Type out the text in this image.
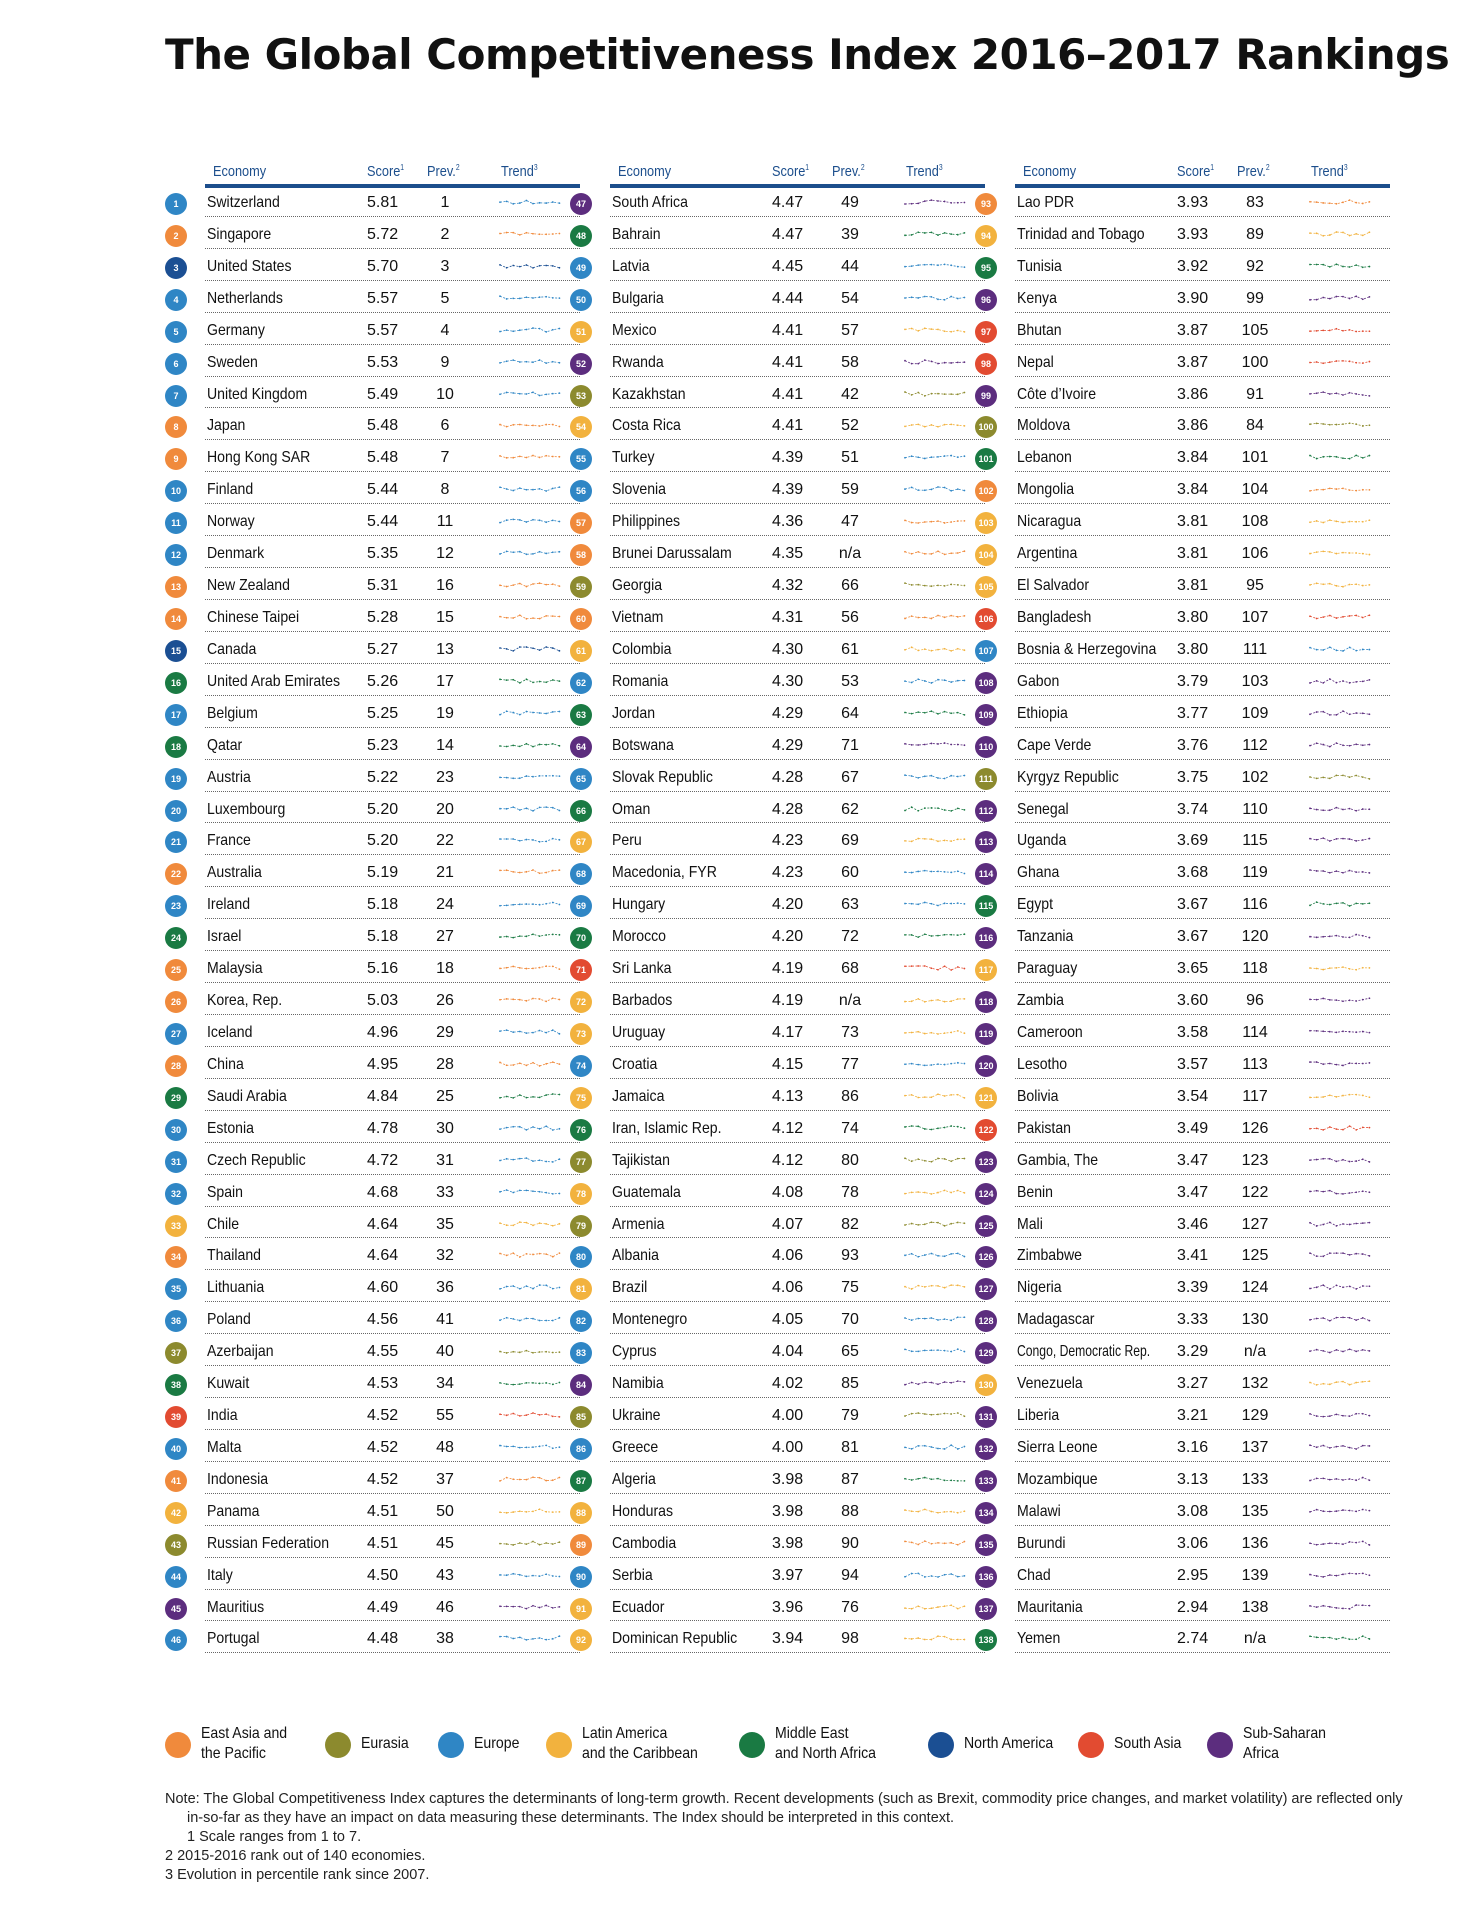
The Global Competitiveness Index 2016–2017 Rankings
Economy	Score$^1$ Prev.$^2$	Trend$^3$
1	Switzerland	5.81	1
2	Singapore	5.72	2
3	United States	5.70	3
4	Netherlands	5.57	5
5	Germany	5.57	4
6	Sweden	5.53	9
7	United Kingdom	5.49	10
8	Japan	5.48	6
9	Hong Kong SAR	5.48	7
10	Finland	5.44	8
11	Norway	5.44	11
12	Denmark	5.35	12
13	New Zealand	5.31	16
14	Chinese Taipei	5.28	15
15	Canada	5.27	13
16	United Arab Emirates 5.26	17
17	Belgium	5.25	19
18	Qatar	5.23	14
19	Austria	5.22	23
20	Luxembourg	5.20	20
21	France	5.20	22
22	Australia	5.19	21
23	Ireland	5.18	24
24	Israel	5.18	27
25	Malaysia	5.16	18
26	Korea, Rep.	5.03	26
27	Iceland	4.96	29
28	China	4.95	28
29	Saudi Arabia	4.84	25
30	Estonia	4.78	30
31	Czech Republic	4.72	31
32	Spain	4.68	33
33	Chile	4.64	35
34	Thailand	4.64	32
35	Lithuania	4.60	36
36	Poland	4.56	41
37	Azerbaijan	4.55	40
38	Kuwait	4.53	34
39	India	4.52	55
40	Malta	4.52	48
41	Indonesia	4.52	37
42	Panama	4.51	50
43	Russian Federation 4.51	45
44	Italy	4.50	43
45	Mauritius	4.49	46
46	Portugal	4.48	38
Economy	Score$^1$ Prev.$^2$	Trend$^3$
47	South Africa	4.47	49
48	Bahrain	4.47	39
49	Latvia	4.45	44
50	Bulgaria	4.44	54
51	Mexico	4.41	57
52	Rwanda	4.41	58
53	Kazakhstan	4.41	42
54	Costa Rica	4.41	52
55	Turkey	4.39	51
56	Slovenia	4.39	59
57	Philippines	4.36	47
58	Brunei Darussalam	4.35	n/a
59	Georgia	4.32	66
60	Vietnam	4.31	56
61	Colombia	4.30	61
62	Romania	4.30	53
63	Jordan	4.29	64
64	Botswana	4.29	71
65	Slovak Republic	4.28	67
66	Oman	4.28	62
67	Peru	4.23	69
68	Macedonia, FYR	4.23	60
69	Hungary	4.20	63
70	Morocco	4.20	72
71	Sri Lanka	4.19	68
72	Barbados	4.19	n/a
73	Uruguay	4.17	73
74	Croatia	4.15	77
75	Jamaica	4.13	86
76	Iran, Islamic Rep.	4.12	74
77	Tajikistan	4.12	80
78	Guatemala	4.08	78
79	Armenia	4.07	82
80	Albania	4.06	93
81	Brazil	4.06	75
82	Montenegro	4.05	70
83	Cyprus	4.04	65
84	Namibia	4.02	85
85	Ukraine	4.00	79
86	Greece	4.00	81
87	Algeria	3.98	87
88	Honduras	3.98	88
89	Cambodia	3.98	90
90	Serbia	3.97	94
91	Ecuador	3.96	76
92	Dominican Republic 3.94	98
Economy	Score$^1$ Prev.$^2$	Trend$^3$
93	Lao PDR	3.93	83
94	Trinidad and Tobago 3.93	89
95	Tunisia	3.92	92
96	Kenya	3.90	99
97	Bhutan	3.87	105
98	Nepal	3.87	100
99	Côte d’Ivoire	3.86	91
100 Moldova	3.86	84
101 Lebanon	3.84	101
102 Mongolia	3.84	104
103 Nicaragua	3.81	108
104 Argentina	3.81	106
105 El Salvador	3.81	95
106 Bangladesh	3.80	107
107 Bosnia & Herzegovina 3.80	111
108 Gabon	3.79	103
109 Ethiopia	3.77	109
110 Cape Verde	3.76	112
111 Kyrgyz Republic	3.75	102
112 Senegal	3.74	110
113 Uganda	3.69	115
114 Ghana	3.68	119
115 Egypt	3.67	116
116 Tanzania	3.67	120
117 Paraguay	3.65	118
118 Zambia	3.60	96
119 Cameroon	3.58	114
120 Lesotho	3.57	113
121 Bolivia	3.54	117
122 Pakistan	3.49	126
123 Gambia, The	3.47	123
124 Benin	3.47	122
125 Mali	3.46	127
126 Zimbabwe	3.41	125
127 Nigeria	3.39	124
128 Madagascar	3.33	130
129 Congo, Democratic Rep. 3.29	n/a
130 Venezuela	3.27	132
131 Liberia	3.21	129
132 Sierra Leone	3.16	137
133 Mozambique	3.13	133
134 Malawi	3.08	135
135 Burundi	3.06	136
136 Chad	2.95	139
137 Mauritania	2.94	138
138 Yemen	2.74	n/a
East Asia and
the Pacific
Eurasia	Europe
Latin America
and the Caribbean
Middle East
and North Africa
North America	South Asia
Sub-Saharan
Africa
Note: The Global Competitiveness Index captures the determinants of long-term growth. Recent developments (such as Brexit, commodity price changes, and market volatility) are reflected only
in-so-far as they have an impact on data measuring these determinants. The Index should be interpreted in this context.
1 Scale ranges from 1 to 7.
2 2015-2016 rank out of 140 economies.
3 Evolution in percentile rank since 2007.
